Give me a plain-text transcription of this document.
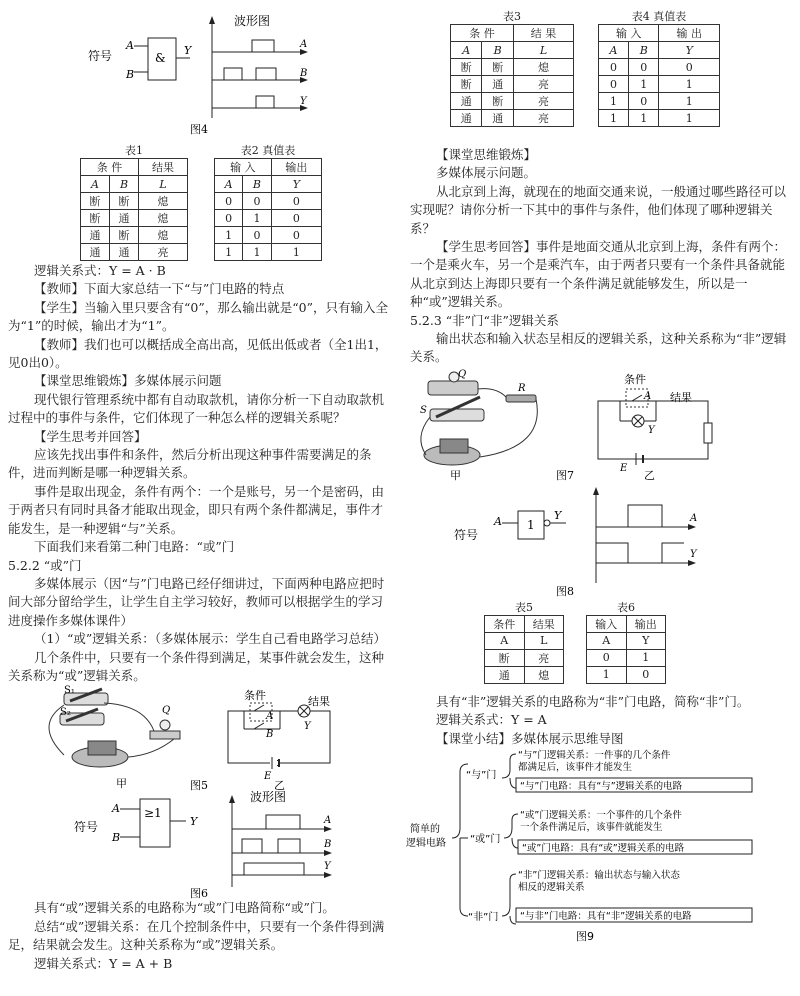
符号
A
B
&
Y
波形图
A
B
Y
图4
表1
条 件		结果
A	B	L
断	断	熄
断	通	熄
通	断	熄
通	通	亮
表2 真值表
输 入		输出
A	B	Y
0	0	0
0	1	0
1	0	0
1	1	1

逻辑关系式：Y = A · B

【教师】下面大家总结一下“与”门电路的特点

【学生】当输入里只要含有“0”，那么输出就是“0”，只有输入全为“1”的时候，输出才为“1”。

【教师】我们也可以概括成全高出高，见低出低或者（全1出1，见0出0）。

【课堂思维锻炼】多媒体展示问题

现代银行管理系统中都有自动取款机，请你分析一下自动取款机过程中的事件与条件，它们体现了一种怎么样的逻辑关系呢？

【学生思考并回答】

应该先找出事件和条件，然后分析出现这种事件需要满足的条件，进而判断是哪一种逻辑关系。

事件是取出现金，条件有两个：一个是账号，另一个是密码，由于两者只有同时具备才能取出现金，即只有两个条件都满足，事件才能发生，是一种逻辑“与”关系。

下面我们来看第二种门电路：“或”门

5.2.2 “或”门

多媒体展示（因“与”门电路已经仔细讲过，下面两种电路应把时间大部分留给学生，让学生自主学习较好，教师可以根据学生的学习进度操作多媒体课件）

（1）“或”逻辑关系：（多媒体展示：学生自己看电路学习总结）

几个条件中，只要有一个条件得到满足，某事件就会发生，这种关系称为“或”逻辑关系。

S₁
S₂	Q
甲
条件	结果
A
B
Y
E
乙
图5
符号
A
B
≥1
Y
波形图
A
B
Y
图6

具有“或”逻辑关系的电路称为“或”门电路简称“或”门。

总结“或”逻辑关系：在几个控制条件中，只要有一个条件得到满足，结果就会发生。这种关系称为“或”逻辑关系。

逻辑关系式：Y = A + B

表3
条 件		结 果
A	B	L
断	断	熄
断	通	亮
通	断	亮
通	通	亮
表4 真值表
输 入		输 出
A	B	Y
0	0	0
0	1	1
1	0	1
1	1	1

【课堂思维锻炼】

多媒体展示问题。

从北京到上海，就现在的地面交通来说，一般通过哪些路径可以实现呢？请你分析一下其中的事件与条件，他们体现了哪种逻辑关系？

【学生思考回答】事件是地面交通从北京到上海，条件有两个：一个是乘火车，另一个是乘汽车，由于两者只要有一个条件具备就能从北京到达上海即只要有一个条件满足就能够发生，所以是一种“或”逻辑关系。

5.2.3 “非”门“非”逻辑关系

输出状态和输入状态呈相反的逻辑关系，这种关系称为“非”逻辑关系。

Q
S
R
甲	图7
条件
结果
A
Y
E
乙
符号
A 1
Y	A
Y
图8
表5
条件	结果
A	L
断	亮
通	熄
表6
输入	输出
A	Y
0	1
1	0

具有“非”逻辑关系的电路称为“非”门电路，简称“非”门。

逻辑关系式：Y = A

【课堂小结】多媒体展示思维导图

简单的
逻辑电路
“与”门
“与”门逻辑关系：一件事的几个条件
都满足后，该事件才能发生
“与”门电路：具有“与”逻辑关系的电路
“或”门
“或”门逻辑关系：一个事件的几个条件
一个条件满足后，该事件就能发生
“或”门电路：具有“或”逻辑关系的电路
“非”门
“非”门逻辑关系：输出状态与输入状态
相反的逻辑关系
“与非”门电路：具有“非”逻辑关系的电路
图9
